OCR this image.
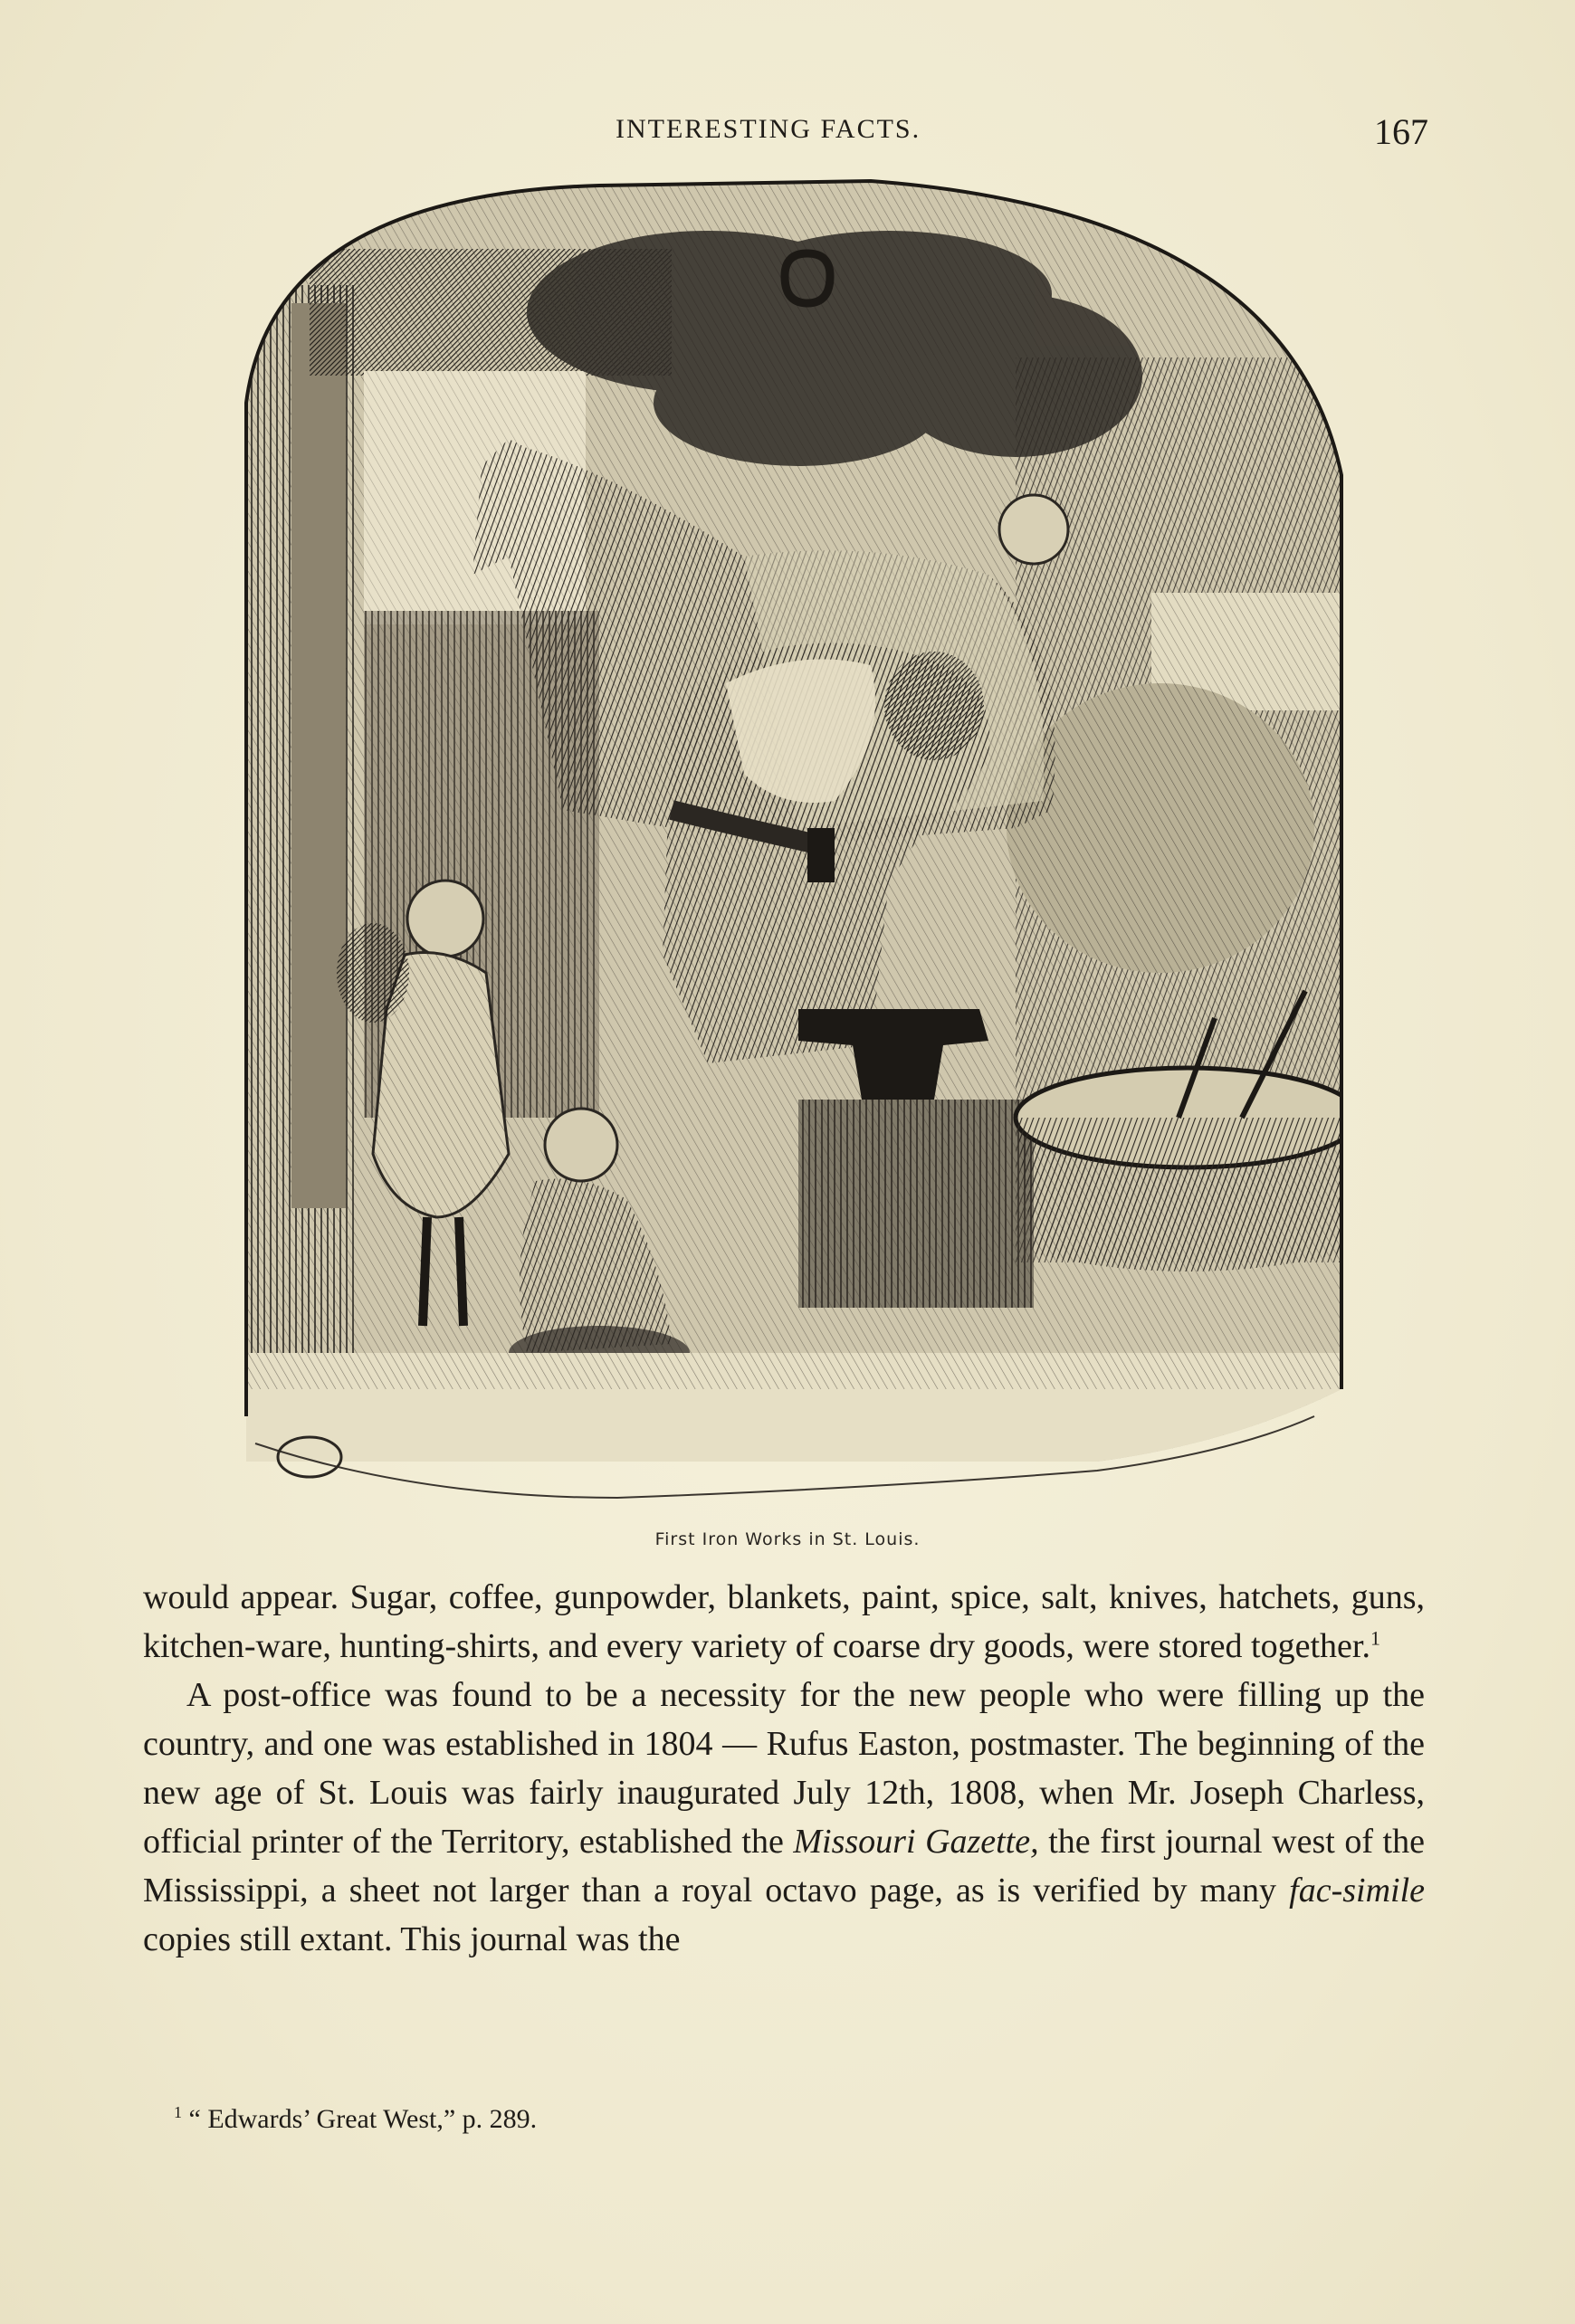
INTERESTING FACTS.	167
First Iron Works in St. Louis.

would appear. Sugar, coffee, gunpowder, blankets, paint, spice, salt, knives, hatchets, guns, kitchen-ware, hunting-shirts, and every variety of coarse dry goods, were stored together.$^1$

A post-office was found to be a necessity for the new people who were filling up the country, and one was established in 1804 — Rufus Easton, postmaster. The beginning of the new age of St. Louis was fairly inaugurated July 12th, 1808, when Mr. Joseph Charless, official printer of the Territory, established the Missouri Gazette, the first journal west of the Mississippi, a sheet not larger than a royal octavo page, as is verified by many fac-simile copies still extant. This journal was the

$^1$ “ Edwards’ Great West,” p. 289.
